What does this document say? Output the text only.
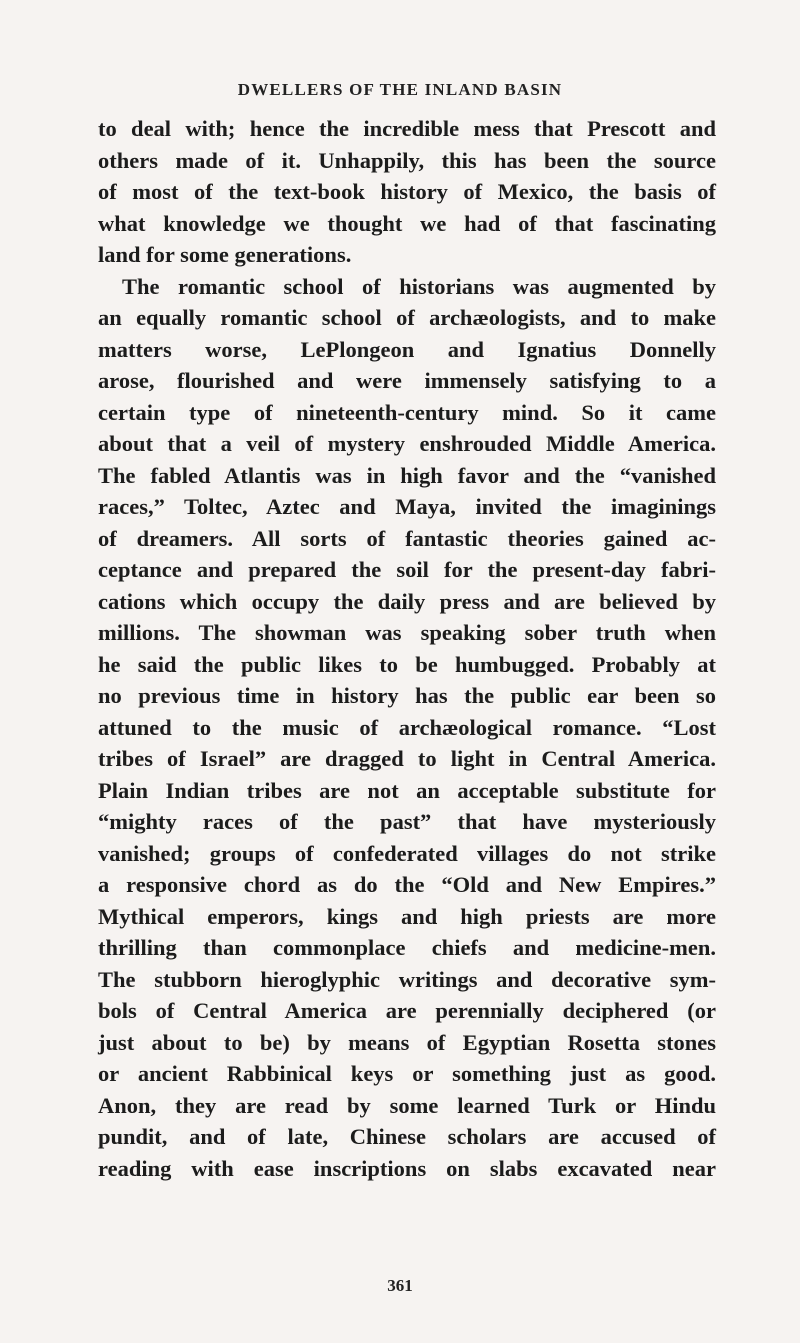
DWELLERS OF THE INLAND BASIN
to deal with; hence the incredible mess that Prescott and
others made of it. Unhappily, this has been the source
of most of the text-book history of Mexico, the basis of
what knowledge we thought we had of that fascinating
land for some generations.
The romantic school of historians was augmented by
an equally romantic school of archæologists, and to make
matters worse, LePlongeon and Ignatius Donnelly
arose, flourished and were immensely satisfying to a
certain type of nineteenth-century mind. So it came
about that a veil of mystery enshrouded Middle America.
The fabled Atlantis was in high favor and the “vanished
races,” Toltec, Aztec and Maya, invited the imaginings
of dreamers. All sorts of fantastic theories gained ac-
ceptance and prepared the soil for the present-day fabri-
cations which occupy the daily press and are believed by
millions. The showman was speaking sober truth when
he said the public likes to be humbugged. Probably at
no previous time in history has the public ear been so
attuned to the music of archæological romance. “Lost
tribes of Israel” are dragged to light in Central America.
Plain Indian tribes are not an acceptable substitute for
“mighty races of the past” that have mysteriously
vanished; groups of confederated villages do not strike
a responsive chord as do the “Old and New Empires.”
Mythical emperors, kings and high priests are more
thrilling than commonplace chiefs and medicine-men.
The stubborn hieroglyphic writings and decorative sym-
bols of Central America are perennially deciphered (or
just about to be) by means of Egyptian Rosetta stones
or ancient Rabbinical keys or something just as good.
Anon, they are read by some learned Turk or Hindu
pundit, and of late, Chinese scholars are accused of
reading with ease inscriptions on slabs excavated near
361
